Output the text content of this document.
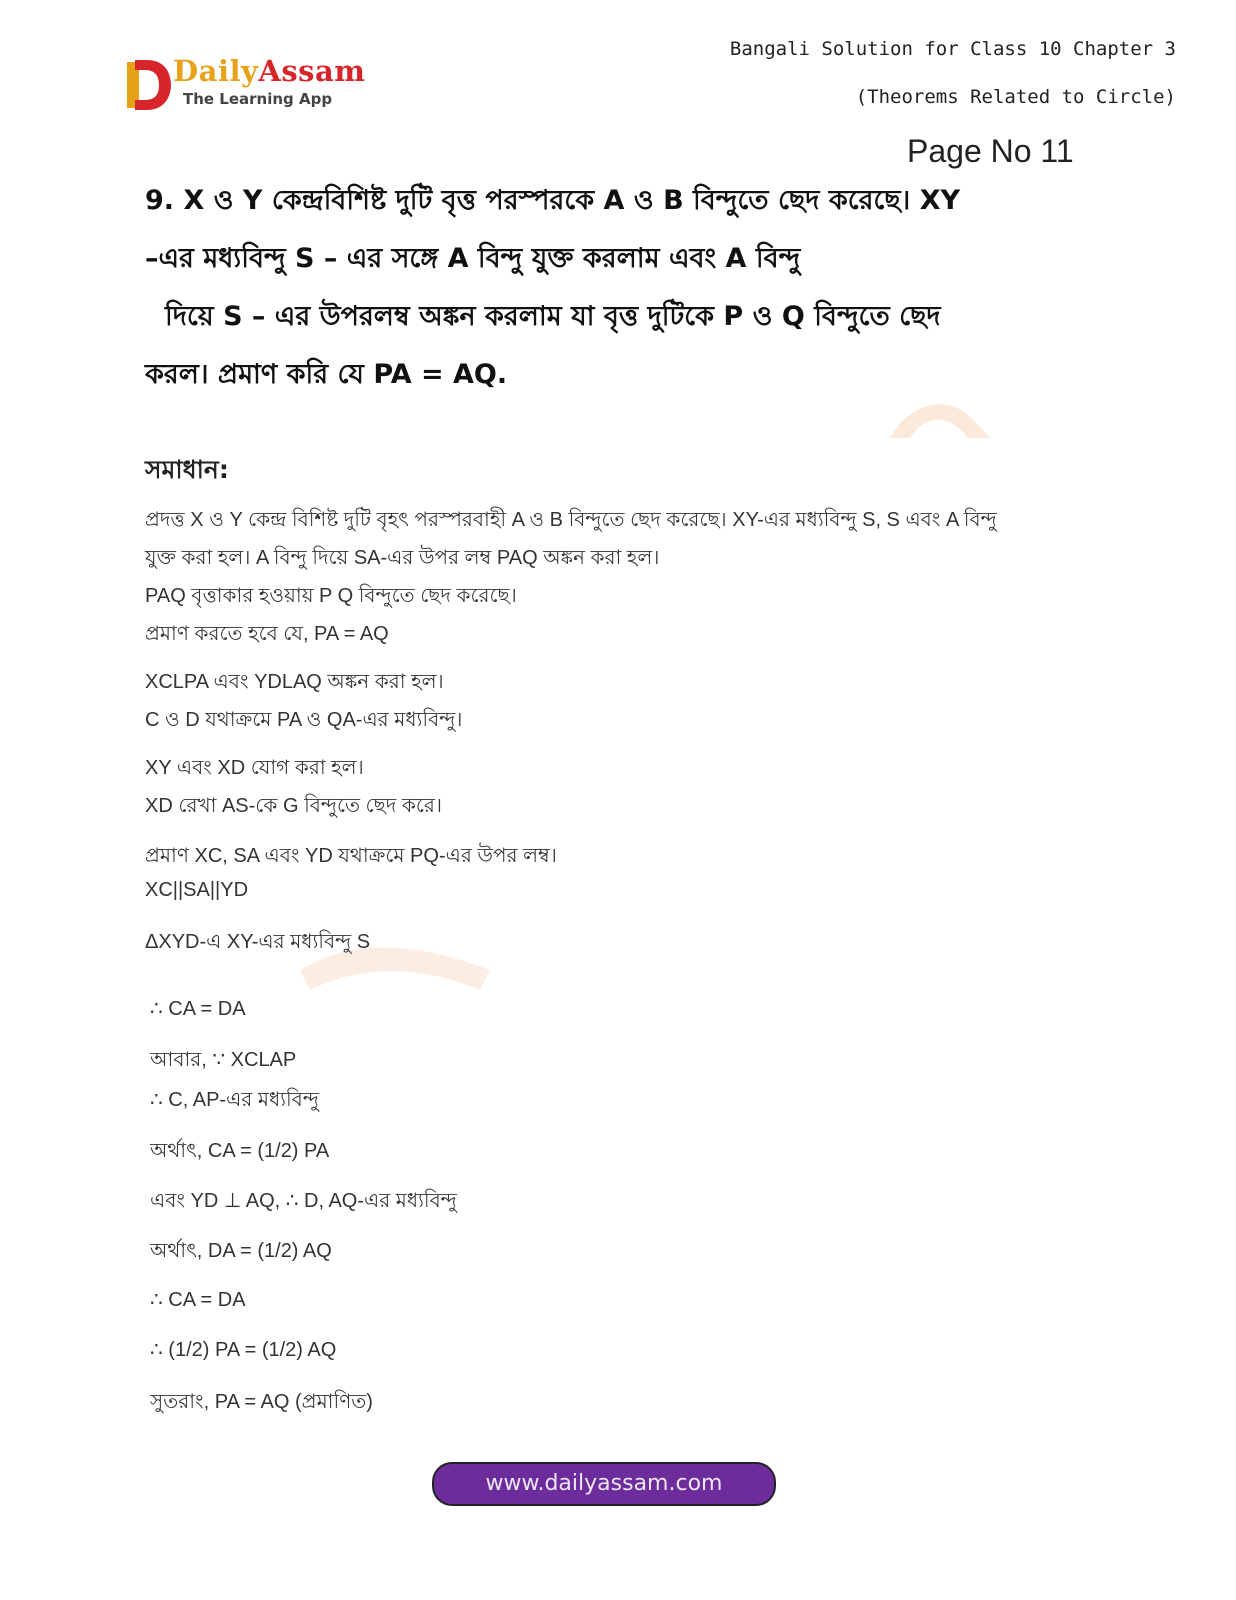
DailyAssam
The Learning App
Bangali Solution for Class 10 Chapter 3
(Theorems Related to Circle)
Page No 11
9. X ও Y কেন্দ্রবিশিষ্ট দুটি বৃত্ত পরস্পরকে A ও B বিন্দুতে ছেদ করেছে। XY
–এর মধ্যবিন্দু S – এর সঙ্গে A বিন্দু যুক্ত করলাম এবং A বিন্দু
দিয়ে S – এর উপরলম্ব অঙ্কন করলাম যা বৃত্ত দুটিকে P ও Q বিন্দুতে ছেদ
করল। প্রমাণ করি যে PA = AQ.
সমাধান:
প্রদত্ত X ও Y কেন্দ্র বিশিষ্ট দুটি বৃহৎ পরস্পরবাহী A ও B বিন্দুতে ছেদ করেছে। XY-এর মধ্যবিন্দু S, S এবং A বিন্দু
যুক্ত করা হল। A বিন্দু দিয়ে SA-এর উপর লম্ব PAQ অঙ্কন করা হল।
PAQ বৃত্তাকার হওয়ায় P Q বিন্দুতে ছেদ করেছে।
প্রমাণ করতে হবে যে, PA = AQ
XCLPA এবং YDLAQ অঙ্কন করা হল।
C ও D যথাক্রমে PA ও QA-এর মধ্যবিন্দু।
XY এবং XD যোগ করা হল।
XD রেখা AS-কে G বিন্দুতে ছেদ করে।
প্রমাণ XC, SA এবং YD যথাক্রমে PQ-এর উপর লম্ব।
XC||SA||YD
ΔXYD-এ XY-এর মধ্যবিন্দু S
∴ CA = DA
আবার, ∵ XCLAP
∴ C, AP-এর মধ্যবিন্দু
অর্থাৎ, CA = (1/2) PA
এবং YD ⊥ AQ, ∴ D, AQ-এর মধ্যবিন্দু
অর্থাৎ, DA = (1/2) AQ
∴ CA = DA
∴ (1/2) PA = (1/2) AQ
সুতরাং, PA = AQ (প্রমাণিত)
www.dailyassam.com
